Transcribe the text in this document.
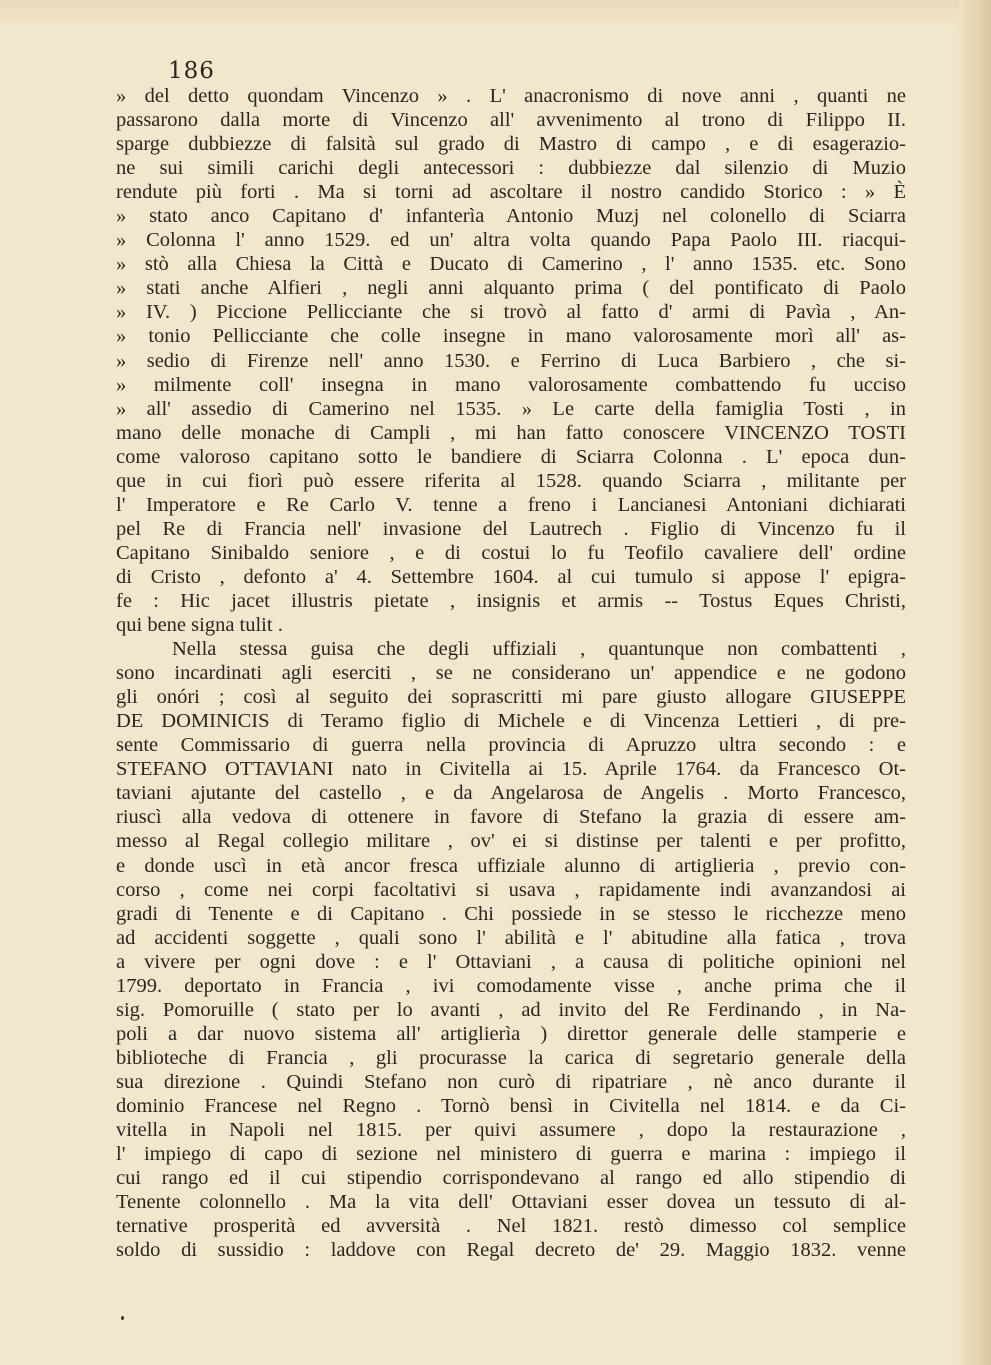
186
» del detto quondam Vincenzo » . L' anacronismo di nove anni , quanti ne
passarono dalla morte di Vincenzo all' avvenimento al trono di Filippo II.
sparge dubbiezze di falsità sul grado di Mastro di campo , e di esagerazio-
ne sui simili carichi degli antecessori : dubbiezze dal silenzio di Muzio
rendute più forti . Ma si torni ad ascoltare il nostro candido Storico : » È
» stato anco Capitano d' infanterìa Antonio Muzj nel colonello di Sciarra
» Colonna l' anno 1529. ed un' altra volta quando Papa Paolo III. riacqui-
» stò alla Chiesa la Città e Ducato di Camerino , l' anno 1535. etc. Sono
» stati anche Alfieri , negli anni alquanto prima ( del pontificato di Paolo
» IV. ) Piccione Pellicciante che si trovò al fatto d' armi di Pavìa , An-
» tonio Pellicciante che colle insegne in mano valorosamente morì all' as-
» sedio di Firenze nell' anno 1530. e Ferrino di Luca Barbiero , che si-
» milmente coll' insegna in mano valorosamente combattendo fu ucciso
» all' assedio di Camerino nel 1535. » Le carte della famiglia Tosti , in
mano delle monache di Campli , mi han fatto conoscere VINCENZO TOSTI
come valoroso capitano sotto le bandiere di Sciarra Colonna . L' epoca dun-
que in cui fiorì può essere riferita al 1528. quando Sciarra , militante per
l' Imperatore e Re Carlo V. tenne a freno i Lancianesi Antoniani dichiarati
pel Re di Francia nell' invasione del Lautrech . Figlio di Vincenzo fu il
Capitano Sinibaldo seniore , e di costui lo fu Teofilo cavaliere dell' ordine
di Cristo , defonto a' 4. Settembre 1604. al cui tumulo si appose l' epigra-
fe : Hic jacet illustris pietate , insignis et armis -- Tostus Eques Christi,
qui bene signa tulit .
Nella stessa guisa che degli uffiziali , quantunque non combattenti ,
sono incardinati agli eserciti , se ne considerano un' appendice e ne godono
gli onóri ; così al seguito dei soprascritti mi pare giusto allogare GIUSEPPE
DE DOMINICIS di Teramo figlio di Michele e di Vincenza Lettieri , di pre-
sente Commissario di guerra nella provincia di Apruzzo ultra secondo : e
STEFANO OTTAVIANI nato in Civitella ai 15. Aprile 1764. da Francesco Ot-
taviani ajutante del castello , e da Angelarosa de Angelis . Morto Francesco,
riuscì alla vedova di ottenere in favore di Stefano la grazia di essere am-
messo al Regal collegio militare , ov' ei si distinse per talenti e per profitto,
e donde uscì in età ancor fresca uffiziale alunno di artiglieria , previo con-
corso , come nei corpi facoltativi si usava , rapidamente indi avanzandosi ai
gradi di Tenente e di Capitano . Chi possiede in se stesso le ricchezze meno
ad accidenti soggette , quali sono l' abilità e l' abitudine alla fatica , trova
a vivere per ogni dove : e l' Ottaviani , a causa di politiche opinioni nel
1799. deportato in Francia , ivi comodamente visse , anche prima che il
sig. Pomoruille ( stato per lo avanti , ad invito del Re Ferdinando , in Na-
poli a dar nuovo sistema all' artiglierìa ) direttor generale delle stamperie e
biblioteche di Francia , gli procurasse la carica di segretario generale della
sua direzione . Quindi Stefano non curò di ripatriare , nè anco durante il
dominio Francese nel Regno . Tornò bensì in Civitella nel 1814. e da Ci-
vitella in Napoli nel 1815. per quivi assumere , dopo la restaurazione ,
l' impiego di capo di sezione nel ministero di guerra e marina : impiego il
cui rango ed il cui stipendio corrispondevano al rango ed allo stipendio di
Tenente colonnello . Ma la vita dell' Ottaviani esser dovea un tessuto di al-
ternative prosperità ed avversità . Nel 1821. restò dimesso col semplice
soldo di sussidio : laddove con Regal decreto de' 29. Maggio 1832. venne
